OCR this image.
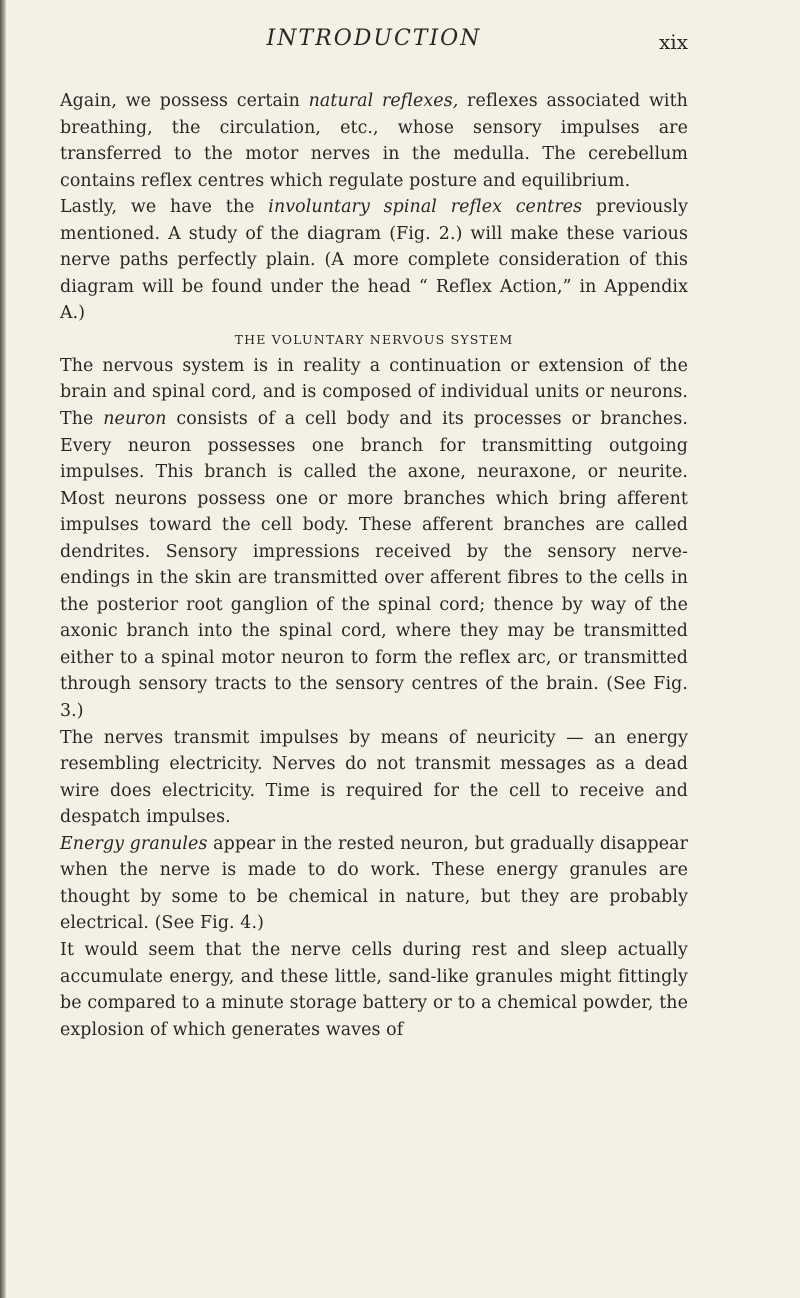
INTRODUCTION	xix

Again, we possess certain natural reflexes, reflexes associated with breathing, the circulation, etc., whose sensory impulses are transferred to the motor nerves in the medulla. The cerebellum contains reflex centres which regulate posture and equilibrium.

Lastly, we have the involuntary spinal reflex centres previously mentioned. A study of the diagram (Fig. 2.) will make these various nerve paths perfectly plain. (A more complete consideration of this diagram will be found under the head “ Reflex Action,” in Appendix A.)

THE VOLUNTARY NERVOUS SYSTEM

The nervous system is in reality a continuation or extension of the brain and spinal cord, and is composed of individual units or neurons. The neuron consists of a cell body and its processes or branches. Every neuron possesses one branch for transmitting outgoing impulses. This branch is called the axone, neuraxone, or neurite. Most neurons possess one or more branches which bring afferent impulses toward the cell body. These afferent branches are called dendrites. Sensory impressions received by the sensory nerve-endings in the skin are transmitted over afferent fibres to the cells in the posterior root ganglion of the spinal cord; thence by way of the axonic branch into the spinal cord, where they may be transmitted either to a spinal motor neuron to form the reflex arc, or transmitted through sensory tracts to the sensory centres of the brain. (See Fig. 3.)

The nerves transmit impulses by means of neuricity — an energy resembling electricity. Nerves do not transmit messages as a dead wire does electricity. Time is required for the cell to receive and despatch impulses.

Energy granules appear in the rested neuron, but gradually disappear when the nerve is made to do work. These energy granules are thought by some to be chemical in nature, but they are probably electrical. (See Fig. 4.)

It would seem that the nerve cells during rest and sleep actually accumulate energy, and these little, sand-like granules might fittingly be compared to a minute storage battery or to a chemical powder, the explosion of which generates waves of
